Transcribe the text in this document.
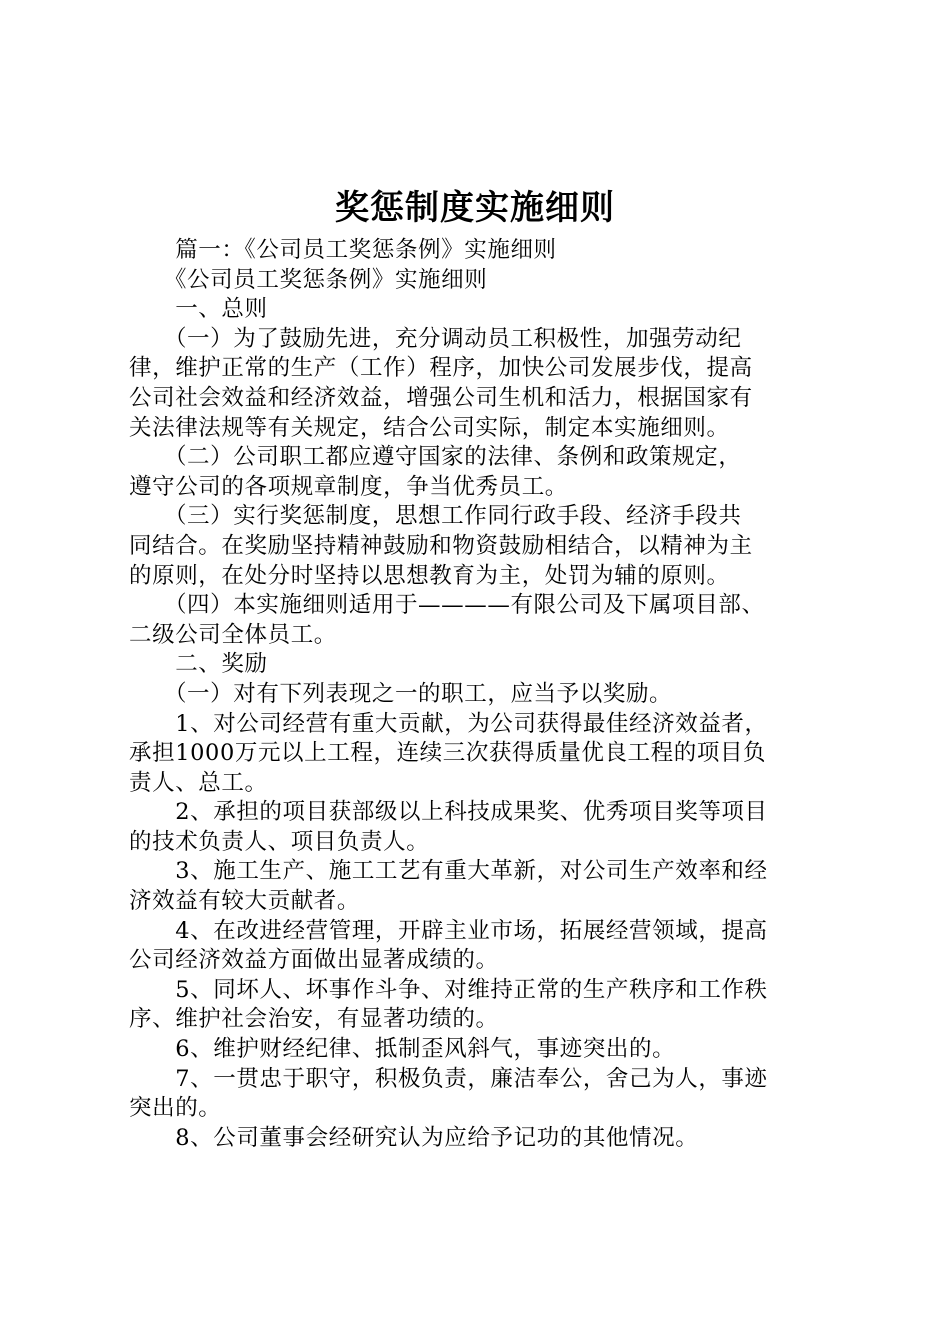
奖惩制度实施细则

　　篇一：《公司员工奖惩条例》实施细则

　　《公司员工奖惩条例》实施细则

　　一、总则

　　（一）为了鼓励先进，充分调动员工积极性，加强劳动纪

律，维护正常的生产（工作）程序，加快公司发展步伐，提高

公司社会效益和经济效益，增强公司生机和活力，根据国家有

关法律法规等有关规定，结合公司实际，制定本实施细则。

　　（二）公司职工都应遵守国家的法律、条例和政策规定，

遵守公司的各项规章制度，争当优秀员工。

　　（三）实行奖惩制度，思想工作同行政手段、经济手段共

同结合。在奖励坚持精神鼓励和物资鼓励相结合，以精神为主

的原则，在处分时坚持以思想教育为主，处罚为辅的原则。

　　（四）本实施细则适用于————有限公司及下属项目部、

二级公司全体员工。

　　二、奖励

　　（一）对有下列表现之一的职工，应当予以奖励。

　　1、对公司经营有重大贡献，为公司获得最佳经济效益者，

承担1000万元以上工程，连续三次获得质量优良工程的项目负

责人、总工。

　　2、承担的项目获部级以上科技成果奖、优秀项目奖等项目

的技术负责人、项目负责人。

　　3、施工生产、施工工艺有重大革新，对公司生产效率和经

济效益有较大贡献者。

　　4、在改进经营管理，开辟主业市场，拓展经营领域，提高

公司经济效益方面做出显著成绩的。

　　5、同坏人、坏事作斗争、对维持正常的生产秩序和工作秩

序、维护社会治安，有显著功绩的。

　　6、维护财经纪律、抵制歪风斜气，事迹突出的。

　　7、一贯忠于职守，积极负责，廉洁奉公，舍己为人，事迹

突出的。

　　8、公司董事会经研究认为应给予记功的其他情况。
